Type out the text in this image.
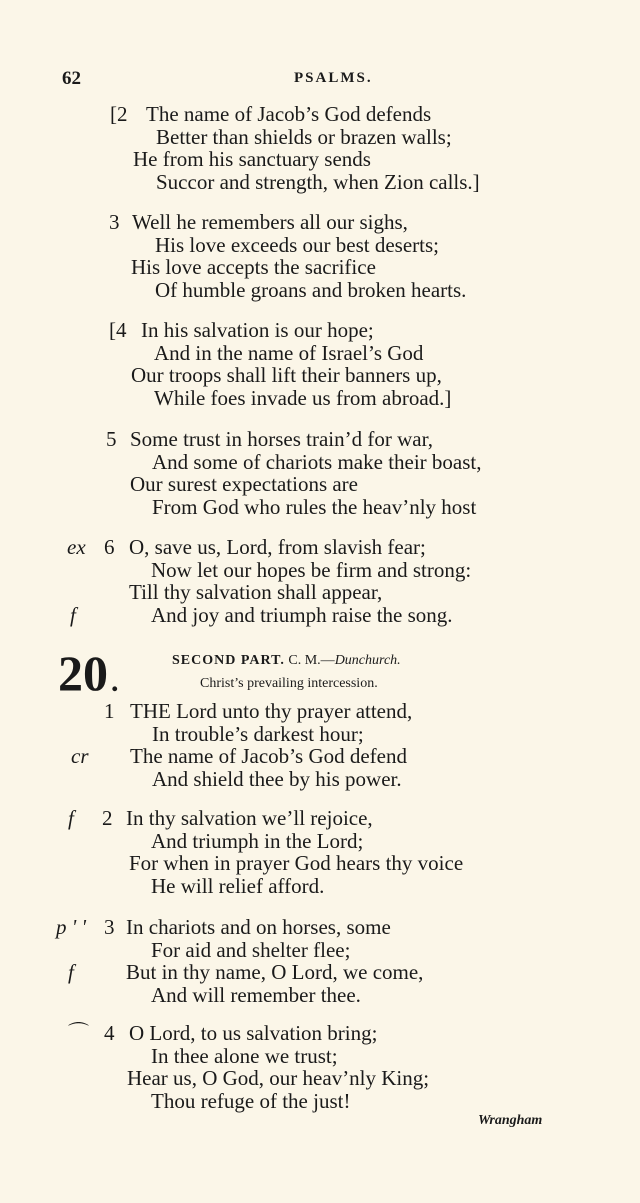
62	PSALMS.
[2 The name of Jacob’s God defends
Better than shields or brazen walls;
He from his sanctuary sends
Succor and strength, when Zion calls.]
3 Well he remembers all our sighs,
His love exceeds our best deserts;
His love accepts the sacrifice
Of humble groans and broken hearts.
[4 In his salvation is our hope;
And in the name of Israel’s God
Our troops shall lift their banners up,
While foes invade us from abroad.]
5 Some trust in horses train’d for war,
And some of chariots make their boast,
Our surest expectations are
From God who rules the heav’nly host
ex 6 O, save us, Lord, from slavish fear;
Now let our hopes be firm and strong:
Till thy salvation shall appear,
f	And joy and triumph raise the song.
20 .
SECOND PART. C. M.—Dunchurch.
Christ’s prevailing intercession.
1 THE Lord unto thy prayer attend,
In trouble’s darkest hour;
cr The name of Jacob’s God defend
And shield thee by his power.
f 2 In thy salvation we’ll rejoice,
And triumph in the Lord;
For when in prayer God hears thy voice
He will relief afford.
p ' ' 3 In chariots and on horses, some
For aid and shelter flee;
f But in thy name, O Lord, we come,
And will remember thee.
⌒ 4 O Lord, to us salvation bring;
In thee alone we trust;
Hear us, O God, our heav’nly King;
Thou refuge of the just!
Wrangham
